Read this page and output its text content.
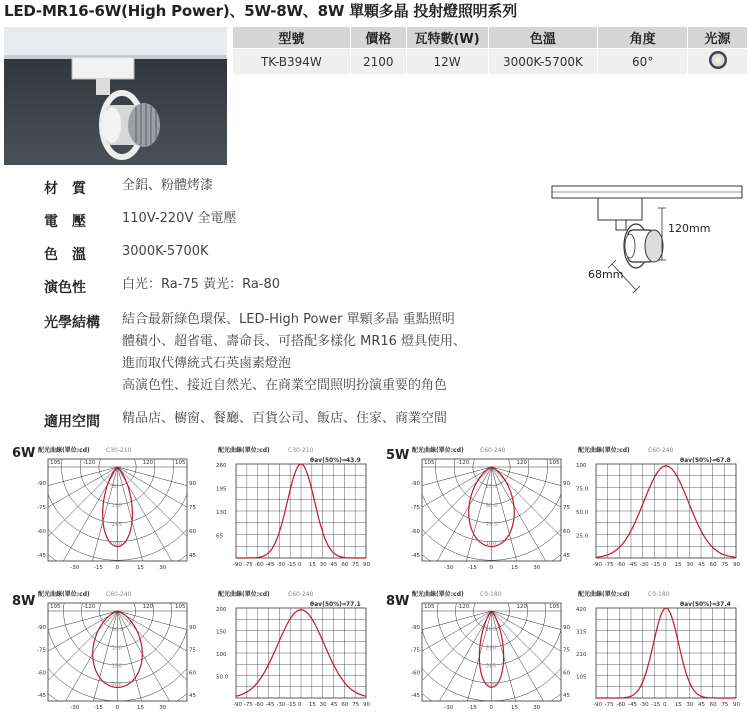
LED-MR16-6W(High Power)、5W-8W、8W 單顆多晶 投射燈照明系列
型號	價格	瓦特數(W)	色溫	角度	光源
TK-B394W	2100	12W	3000K-5700K	60°	
材　質	全鋁、粉體烤漆
電　壓	110V-220V 全電壓
色　溫	3000K-5700K
演色性	白光：Ra-75 黃光：Ra-80
光學結構	結合最新綠色環保、LED-High Power 單顆多晶 重點照明
體積小、超省電、壽命長、可搭配多樣化 MR16 燈具使用、
進而取代傳統式石英鹵素燈泡
高演色性、接近自然光、在商業空間照明扮演重要的角色
適用空間	精品店、櫥窗、餐廳、百貨公司、飯店、住家、商業空間
120mm
68mm
6W 配光曲線(單位:cd)	C30-210
105	-120	120	105
-90
-75
-60
-45
90
75
60
45
65
130
195
260
-30	-15 0	15	30
配光曲線(單位:cd)	C30-210
θav(50%)= 43.9
260
195
130
65
-90 -75 -60 -45 -30 -15 0 15 30 45 60 75 90
5W 配光曲線(單位:cd)	C60-240
105	-120	120	105
-90
-75
-60
-45
90
75
60
45
25.0
50.0
75.0
100
-30	-15 0	15	30
配光曲線(單位:cd)	C60-240
θav(50%)= 67.8
100
75.0
50.0
25.0
-90 -75 -60 -45 -30 -15 0 15 30 45 60 75 90
8W 配光曲線(單位:cd)	C60-240
105	-120	120	105
-90
-75
-60
-45
90
75
60
45
50.0
100
150
200
-30	-15 0	15	30
配光曲線(單位:cd)	C60-240
θav(50%)= 77.1
200
150
100
50.0
-90 -75 -60 -45 -30 -15 0 15 30 45 60 75 90
8W 配光曲線(單位:cd)	C0-180
105	-120	120	105
-90
-75
-60
-45
90
75
60
45
105
210
315
420
-30	-15 0	15	30
配光曲線(單位:cd)	C0-180
θav(50%)= 37.4
420
315
210
105
-90 -75 -60 -45 -30 -15 0 15 30 45 60 75 90
